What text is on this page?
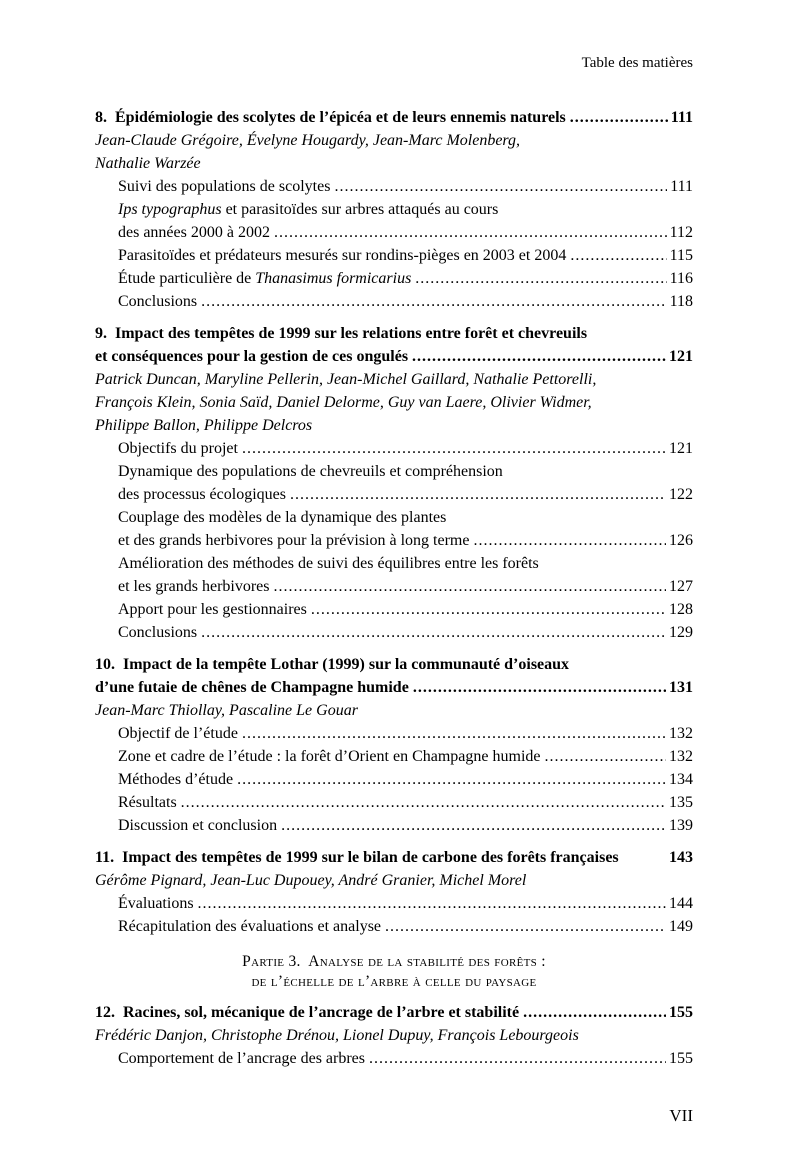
Table des matières
8.  Épidémiologie des scolytes de l’épicéa et de leurs ennemis naturels .....	111
Jean-Claude Grégoire, Évelyne Hougardy, Jean-Marc Molenberg,
Nathalie Warzée
Suivi des populations de scolytes .....	111
Ips typographus et parasitoïdes sur arbres attaqués au cours
des années 2000 à 2002 .....	112
Parasitoïdes et prédateurs mesurés sur rondins-pièges en 2003 et 2004 .....	115
Étude particulière de Thanasimus formicarius .....	116
Conclusions .....	118
9.  Impact des tempêtes de 1999 sur les relations entre forêt et chevreuils
et conséquences pour la gestion de ces ongulés .....	121
Patrick Duncan, Maryline Pellerin, Jean-Michel Gaillard, Nathalie Pettorelli,
François Klein, Sonia Saïd, Daniel Delorme, Guy van Laere, Olivier Widmer,
Philippe Ballon, Philippe Delcros
Objectifs du projet .....	121
Dynamique des populations de chevreuils et compréhension
des processus écologiques .....	122
Couplage des modèles de la dynamique des plantes
et des grands herbivores pour la prévision à long terme .....	126
Amélioration des méthodes de suivi des équilibres entre les forêts
et les grands herbivores .....	127
Apport pour les gestionnaires .....	128
Conclusions .....	129
10.  Impact de la tempête Lothar (1999) sur la communauté d’oiseaux
d’une futaie de chênes de Champagne humide .....	131
Jean-Marc Thiollay, Pascaline Le Gouar
Objectif de l’étude .....	132
Zone et cadre de l’étude : la forêt d’Orient en Champagne humide .....	132
Méthodes d’étude .....	134
Résultats .....	135
Discussion et conclusion .....	139
11.  Impact des tempêtes de 1999 sur le bilan de carbone des forêts françaises	143
Gérôme Pignard, Jean-Luc Dupouey, André Granier, Michel Morel
Évaluations .....	144
Récapitulation des évaluations et analyse .....	149
Partie 3.  Analyse de la stabilité des forêts :
de l’échelle de l’arbre à celle du paysage
12.  Racines, sol, mécanique de l’ancrage de l’arbre et stabilité .....	155
Frédéric Danjon, Christophe Drénou, Lionel Dupuy, François Lebourgeois
Comportement de l’ancrage des arbres .....	155
VII
